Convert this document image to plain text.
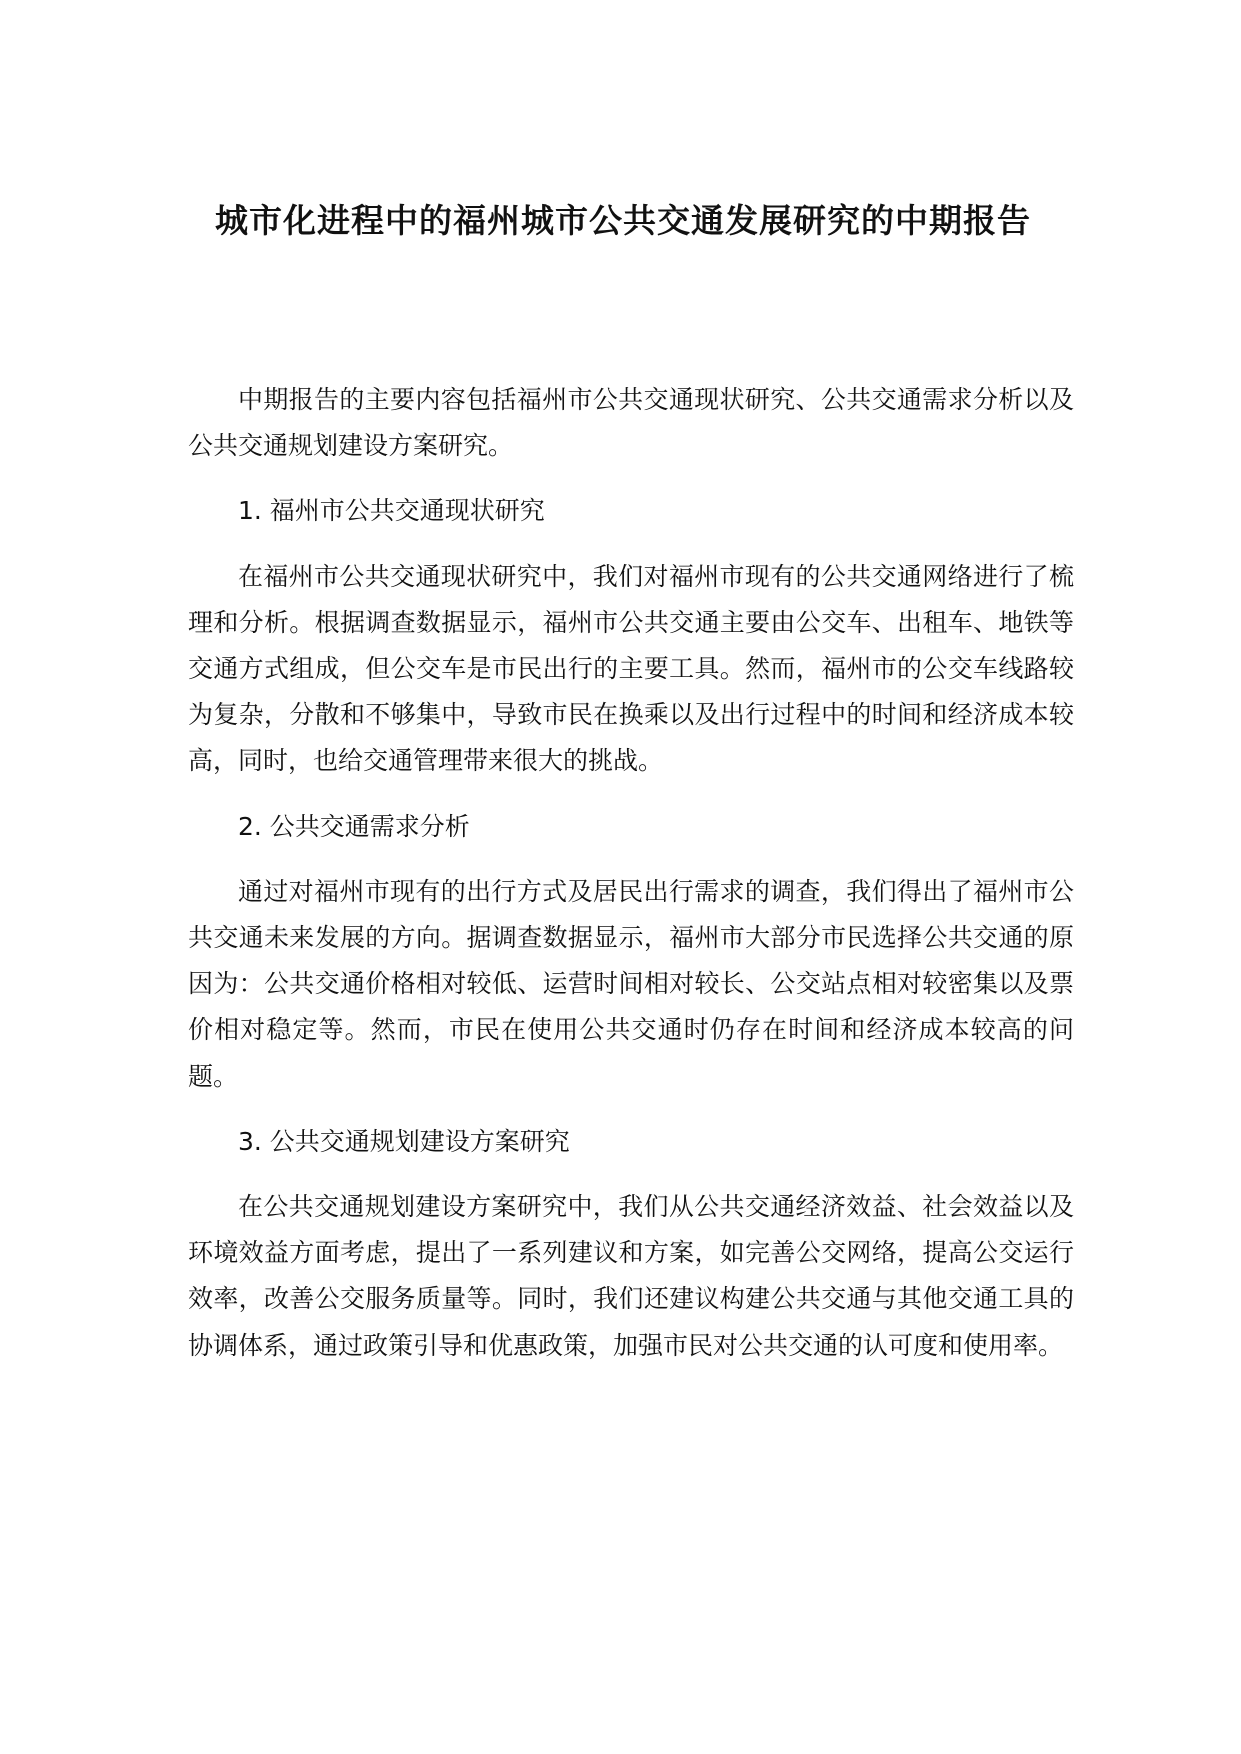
城市化进程中的福州城市公共交通发展研究的中期报告

中期报告的主要内容包括福州市公共交通现状研究、公共交通需求分析以及公共交通规划建设方案研究。

1. 福州市公共交通现状研究

在福州市公共交通现状研究中，我们对福州市现有的公共交通网络进行了梳理和分析。根据调查数据显示，福州市公共交通主要由公交车、出租车、地铁等交通方式组成，但公交车是市民出行的主要工具。然而，福州市的公交车线路较为复杂，分散和不够集中，导致市民在换乘以及出行过程中的时间和经济成本较高，同时，也给交通管理带来很大的挑战。

2. 公共交通需求分析

通过对福州市现有的出行方式及居民出行需求的调查，我们得出了福州市公共交通未来发展的方向。据调查数据显示，福州市大部分市民选择公共交通的原因为：公共交通价格相对较低、运营时间相对较长、公交站点相对较密集以及票价相对稳定等。然而，市民在使用公共交通时仍存在时间和经济成本较高的问题。

3. 公共交通规划建设方案研究

在公共交通规划建设方案研究中，我们从公共交通经济效益、社会效益以及环境效益方面考虑，提出了一系列建议和方案，如完善公交网络，提高公交运行效率，改善公交服务质量等。同时，我们还建议构建公共交通与其他交通工具的协调体系，通过政策引导和优惠政策，加强市民对公共交通的认可度和使用率。
